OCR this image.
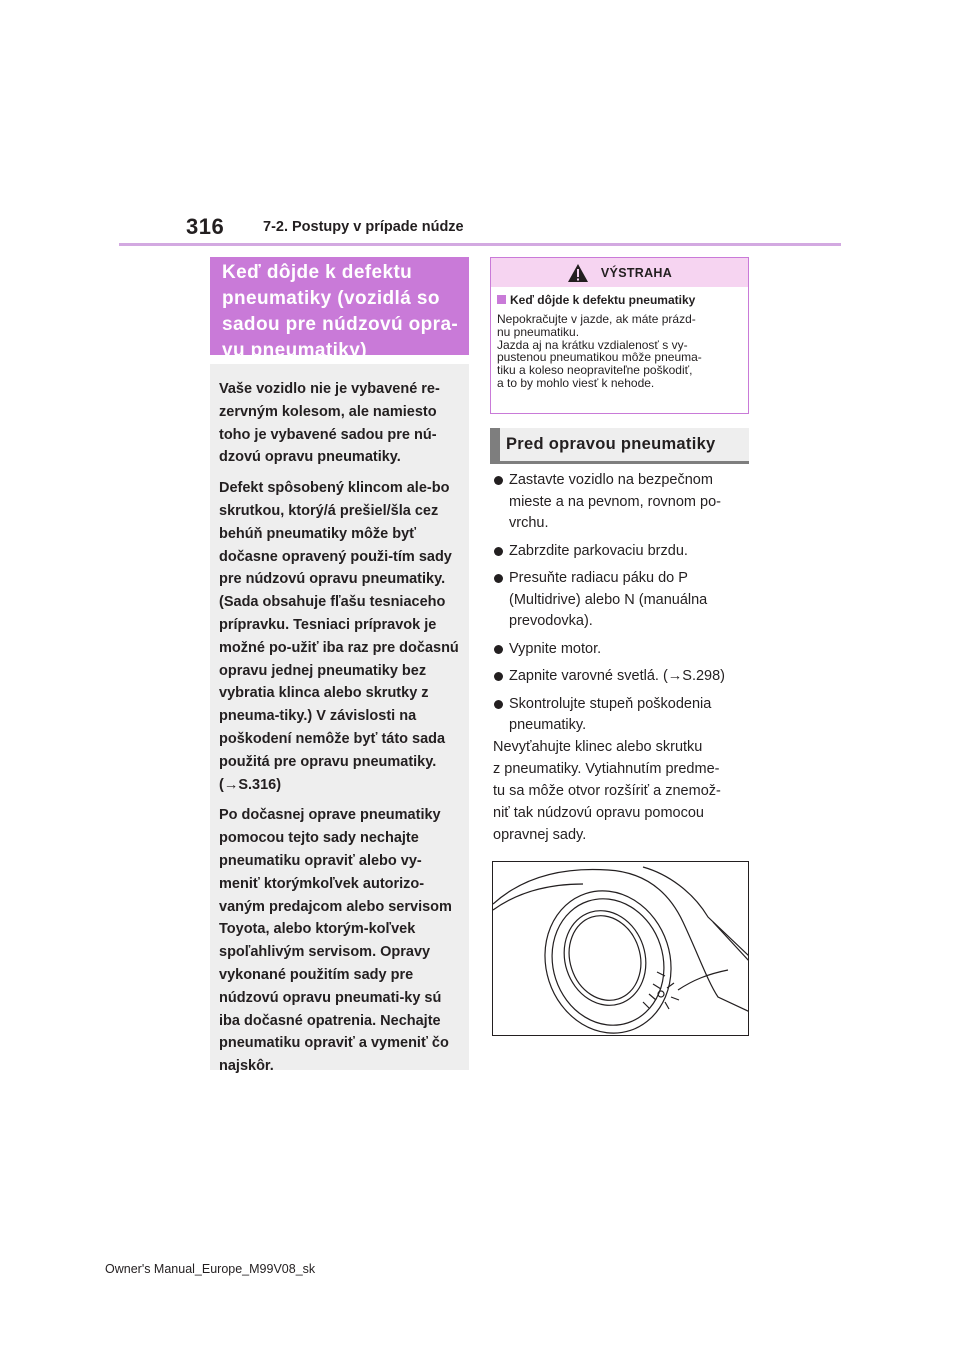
316	7-2. Postupy v prípade núdze
Keď dôjde k defektu pneumatiky (vozidlá so sadou pre núdzovú opra-vu pneumatiky)

Vaše vozidlo nie je vybavené re-zervným kolesom, ale namiesto toho je vybavené sadou pre nú-dzovú opravu pneumatiky.

Defekt spôsobený klincom ale-bo skrutkou, ktorý/á prešiel/šla cez behúň pneumatiky môže byť dočasne opravený použi-tím sady pre núdzovú opravu pneumatiky. (Sada obsahuje fľašu tesniaceho prípravku. Tesniaci prípravok je možné po-užiť iba raz pre dočasnú opravu jednej pneumatiky bez vybratia klinca alebo skrutky z pneuma-tiky.) V závislosti na poškodení nemôže byť táto sada použitá pre opravu pneumatiky. (→S.316)

Po dočasnej oprave pneumatiky pomocou tejto sady nechajte pneumatiku opraviť alebo vy-meniť ktorýmkoľvek autorizo-vaným predajcom alebo servisom Toyota, alebo ktorým-koľvek spoľahlivým servisom. Opravy vykonané použitím sady pre núdzovú opravu pneumati-ky sú iba dočasné opatrenia. Nechajte pneumatiku opraviť a vymeniť čo najskôr.

VÝSTRAHA
Keď dôjde k defektu pneumatiky
Nepokračujte v jazde, ak máte prázd-
nu pneumatiku.
Jazda aj na krátku vzdialenosť s vy-
pustenou pneumatikou môže pneuma-
tiku a koleso neopraviteľne poškodiť,
a to by mohlo viesť k nehode.
Pred opravou pneumatiky
Zastavte vozidlo na bezpečnom
mieste a na pevnom, rovnom po-
vrchu.
Zabrzdite parkovaciu brzdu.
Presuňte radiacu páku do P
(Multidrive) alebo N (manuálna
prevodovka).
Vypnite motor.
Zapnite varovné svetlá. (→S.298)
Skontrolujte stupeň poškodenia
pneumatiky.
Nevyťahujte klinec alebo skrutku
z pneumatiky. Vytiahnutím predme-
tu sa môže otvor rozšíriť a znemož-
niť tak núdzovú opravu pomocou
opravnej sady.
Owner's Manual_Europe_M99V08_sk
